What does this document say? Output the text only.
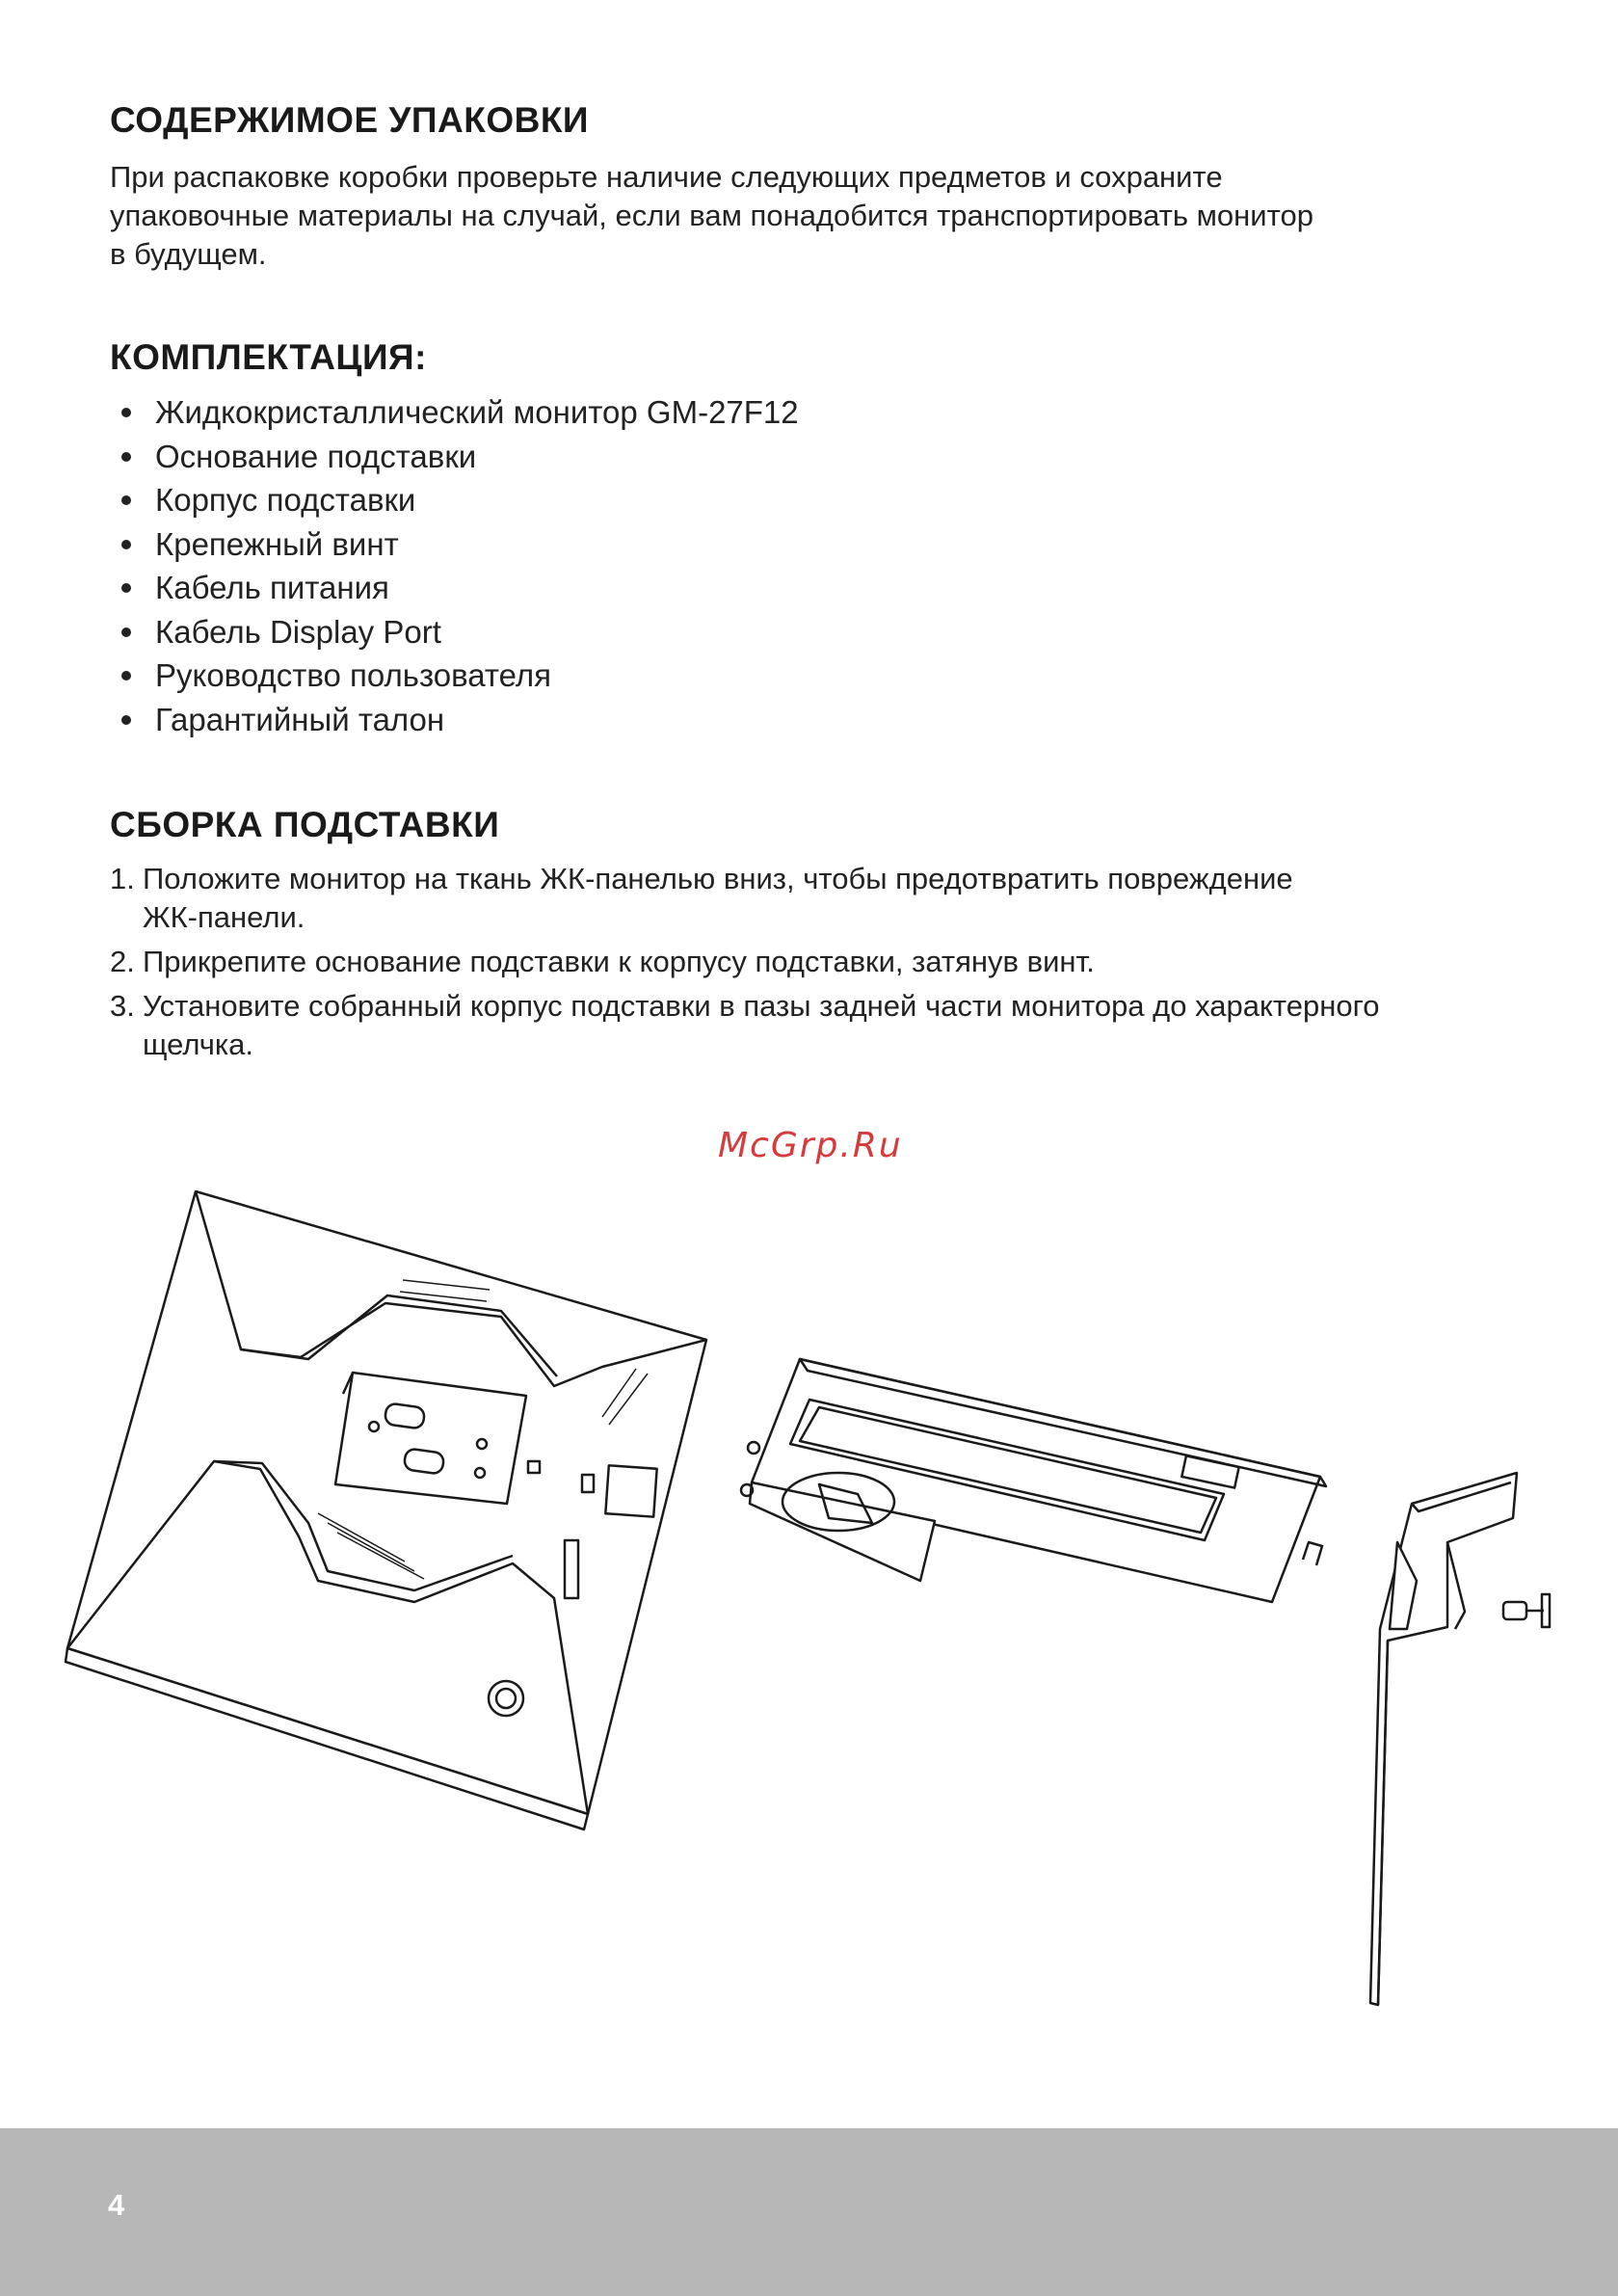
СОДЕРЖИМОЕ УПАКОВКИ

При распаковке коробки проверьте наличие следующих предметов и сохраните
упаковочные материалы на случай, если вам понадобится транспортировать монитор
в будущем.

КОМПЛЕКТАЦИЯ:
Жидкокристаллический монитор GM-27F12
Основание подставки
Корпус подставки
Крепежный винт
Кабель питания
Кабель Display Port
Руководство пользователя
Гарантийный талон
СБОРКА ПОДСТАВКИ
1. Положите монитор на ткань ЖК-панелью вниз, чтобы предотвратить повреждение
ЖК-панели.
2. Прикрепите основание подставки к корпусу подставки, затянув винт.
3. Установите собранный корпус подставки в пазы задней части монитора до характерного
щелчка.

McGrp.Ru

4
